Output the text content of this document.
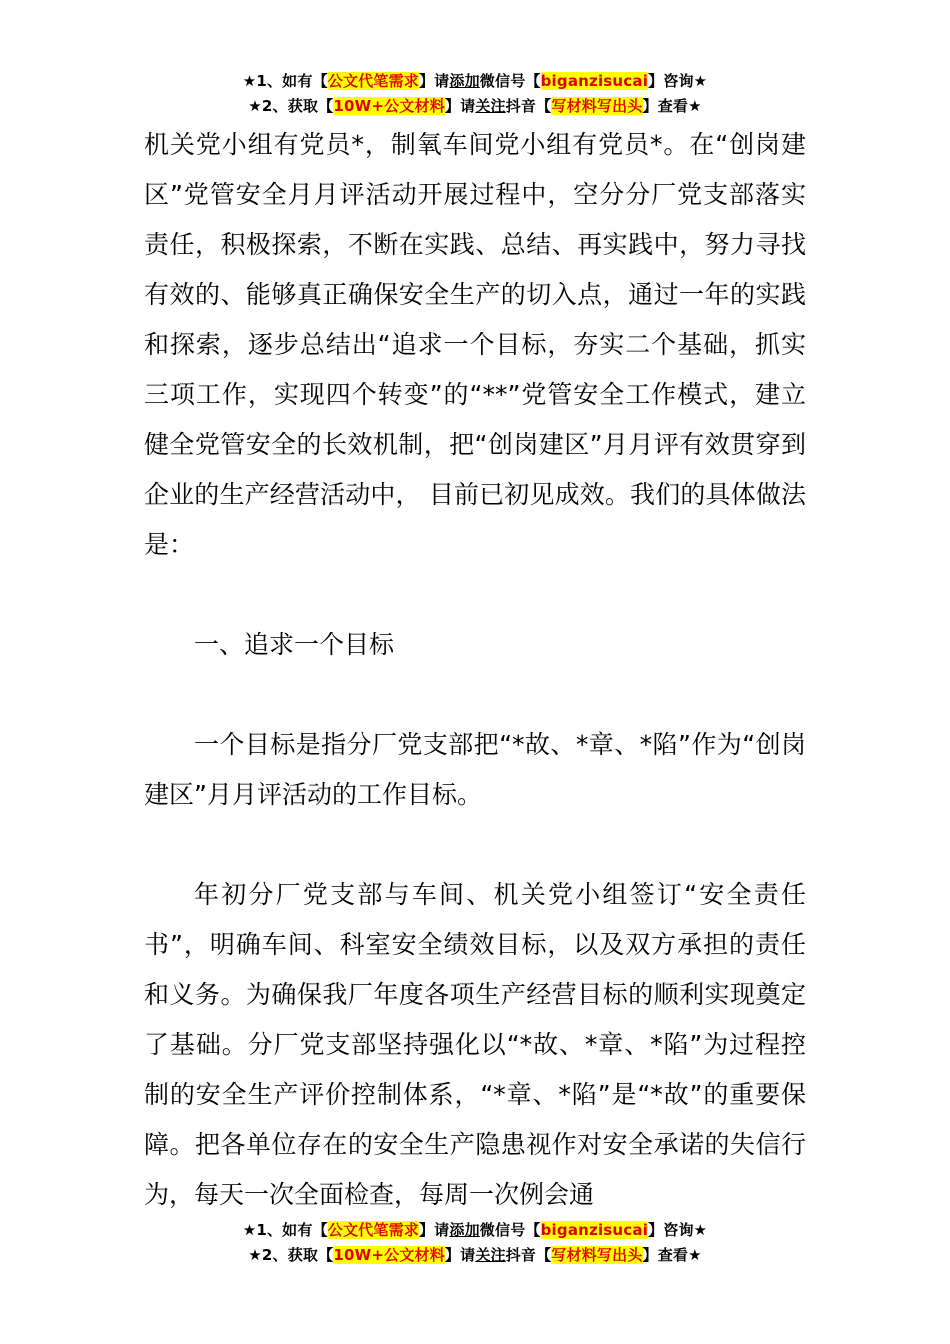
★1、如有【公文代笔需求】请添加微信号【biganzisucai】咨询★
★2、获取【10W+公文材料】请关注抖音【写材料写出头】查看★

机关党小组有党员*，制氧车间党小组有党员*。在“创岗建区”党管安全月月评活动开展过程中，空分分厂党支部落实责任，积极探索，不断在实践、总结、再实践中，努力寻找有效的、能够真正确保安全生产的切入点，通过一年的实践和探索，逐步总结出“追求一个目标，夯实二个基础，抓实三项工作，实现四个转变”的“**”党管安全工作模式，建立健全党管安全的长效机制，把“创岗建区”月月评有效贯穿到企业的生产经营活动中， 目前已初见成效。我们的具体做法是：

一、追求一个目标

一个目标是指分厂党支部把“*故、*章、*陷”作为“创岗建区”月月评活动的工作目标。

年初分厂党支部与车间、机关党小组签订“安全责任书”，明确车间、科室安全绩效目标，以及双方承担的责任和义务。为确保我厂年度各项生产经营目标的顺利实现奠定了基础。分厂党支部坚持强化以“*故、*章、*陷”为过程控制的安全生产评价控制体系，“*章、*陷”是“*故”的重要保障。把各单位存在的安全生产隐患视作对安全承诺的失信行为，每天一次全面检查，每周一次例会通

★1、如有【公文代笔需求】请添加微信号【biganzisucai】咨询★
★2、获取【10W+公文材料】请关注抖音【写材料写出头】查看★
